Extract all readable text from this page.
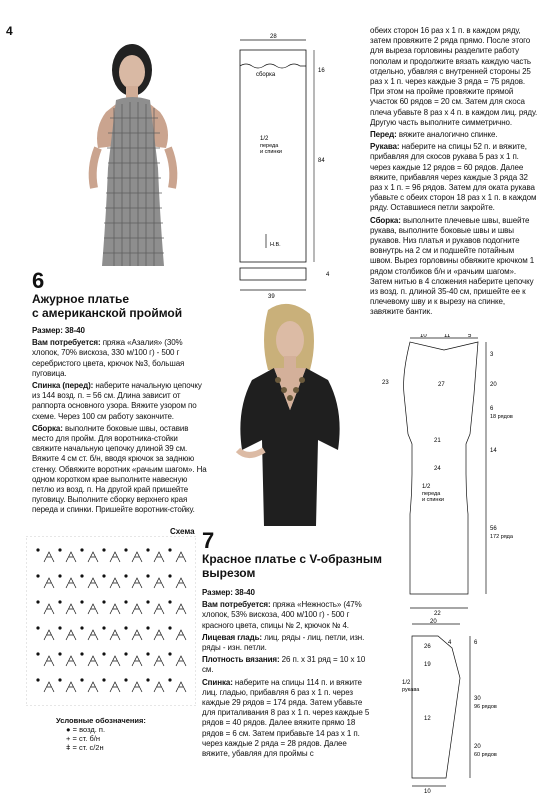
4
6
Ажурное платье
с американской проймой

Размер: 38-40

Вам потребуется: пряжа «Азалия» (30% хлопок, 70% вискоза, 330 м/100 г) - 500 г серебристого цвета, крючок №3, большая пуговица.

Спинка (перед): наберите начальную цепочку из 144 возд. п. = 56 см. Длина зависит от раппорта основного узора. Вяжите узором по схеме. Через 100 см работу закончите.

Сборка: выполните боковые швы, оставив место для пройм. Для воротника-стойки свяжите начальную цепочку длиной 39 см. Вяжите 4 см ст. б/н, вводя крючок за заднюю стенку. Обвяжите воротник «рачьим шагом». На одном коротком крае выполните навесную петлю из возд. п. На другой край пришейте пуговицу. Выполните сборку верхнего края переда и спинки. Пришейте воротник-стойку.

Схема
Условные обозначения:
● = возд. п.
+ = ст. б/н
ǂ = ст. с/2н
28
сборка
16
84
1/2
переда
и спинки
Н.В.
4
39

обеих сторон 16 раз x 1 п. в каждом ряду, затем провяжите 2 ряда прямо. После этого для вырезa горловины разделите работу пополам и продолжите вязать каждую часть отдельно, убавляя с внутренней стороны 25 раз x 1 п. через каждые 3 ряда = 75 рядов. При этом на пройме провяжите прямой участок 60 рядов = 20 см. Затем для скоса плеча убавьте 8 раз x 4 п. в каждом лиц. ряду. Другую часть выполните симметрично.

Перед: вяжите аналогично спинке.

Рукава: наберите на спицы 52 п. и вяжите, прибавляя для скосов рукава 5 раз x 1 п. через каждые 12 рядов = 60 рядов. Далее вяжите, прибавляя через каждые 3 ряда 32 раз x 1 п. = 96 рядов. Затем для оката рукава убавьте с обеих сторон 18 раз x 1 п. в каждом ряду. Оставшиеся петли закройте.

Сборка: выполните плечевые швы, вшейте рукава, выполните боковые швы и швы рукавов. Низ платья и рукавов подогните вовнутрь на 2 см и подшейте потайным швом. Вырез горловины обвяжите крючком 1 рядом столбиков б/н и «рачьим шагом». Затем нитью в 4 сложения наберите цепочку из возд. п. длиной 35-40 см, пришейте ее к плечевому шву и к вырезу на спинке, завяжите бантик.

7
Красное платье с V-образным
вырезом

Размер: 38-40

Вам потребуется: пряжа «Нежность» (47% хлопок, 53% вискоза, 400 м/100 г) - 500 г красного цвета, спицы № 2, крючок № 4.

Лицевая гладь: лиц. ряды - лиц. петли, изн. ряды - изн. петли.

Плотность вязания: 26 п. x 31 ряд = 10 x 10 см.

Спинка: наберите на спицы 114 п. и вяжите лиц. гладью, прибавляя 6 раз x 1 п. через каждые 29 рядов = 174 ряда. Затем убавьте для приталивания 8 раз x 1 п. через каждые 5 рядов = 40 рядов. Далее вяжите прямо 18 рядов = 6 см. Затем прибавьте 14 раз x 1 п. через каждые 2 ряда = 28 рядов. Далее вяжите, убавляя для проймы с

10	11	5
23
3
20
27
6
18 рядов
21
14
24
1/2
переда
и спинки
56
172 ряда
22
20
26
6
4
19
1/2
рукава
30
96 рядов
12
20
60 рядов
10
